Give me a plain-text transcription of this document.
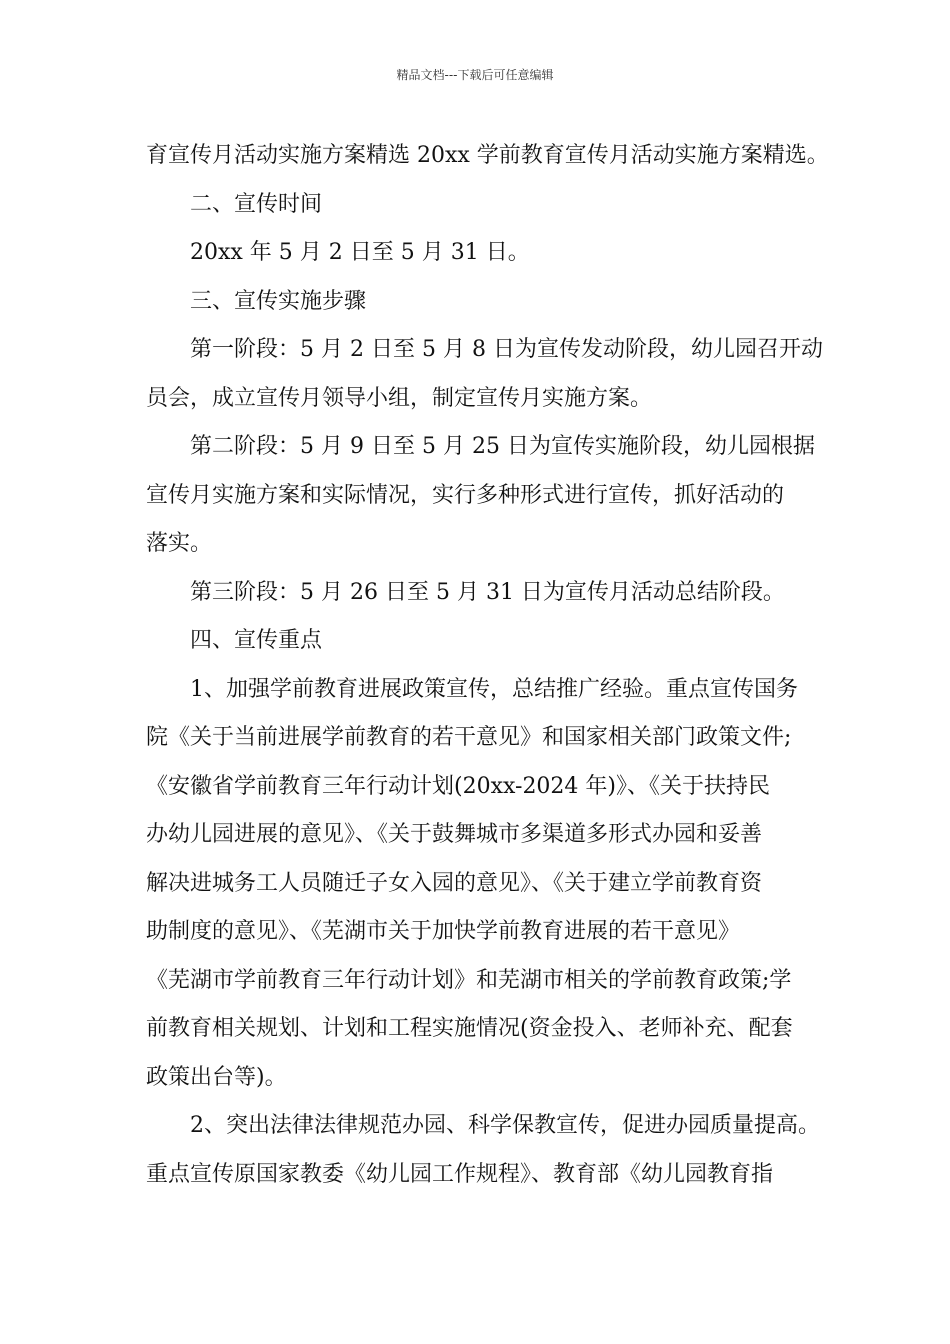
精品文档---下载后可任意编辑
育宣传月活动实施方案精选 20xx 学前教育宣传月活动实施方案精选。
二、宣传时间
20xx 年 5 月 2 日至 5 月 31 日。
三、宣传实施步骤
第一阶段：5 月 2 日至 5 月 8 日为宣传发动阶段，幼儿园召开动
员会，成立宣传月领导小组，制定宣传月实施方案。
第二阶段：5 月 9 日至 5 月 25 日为宣传实施阶段，幼儿园根据
宣传月实施方案和实际情况，实行多种形式进行宣传，抓好活动的
落实。
第三阶段：5 月 26 日至 5 月 31 日为宣传月活动总结阶段。
四、宣传重点
1、加强学前教育进展政策宣传，总结推广经验。重点宣传国务
院《关于当前进展学前教育的若干意见》和国家相关部门政策文件;
《安徽省学前教育三年行动计划(20xx-2024 年)》、《关于扶持民
办幼儿园进展的意见》、《关于鼓舞城市多渠道多形式办园和妥善
解决进城务工人员随迁子女入园的意见》、《关于建立学前教育资
助制度的意见》、《芜湖市关于加快学前教育进展的若干意见》
《芜湖市学前教育三年行动计划》和芜湖市相关的学前教育政策;学
前教育相关规划、计划和工程实施情况(资金投入、老师补充、配套
政策出台等)。
2、突出法律法律规范办园、科学保教宣传，促进办园质量提高。
重点宣传原国家教委《幼儿园工作规程》、教育部《幼儿园教育指
